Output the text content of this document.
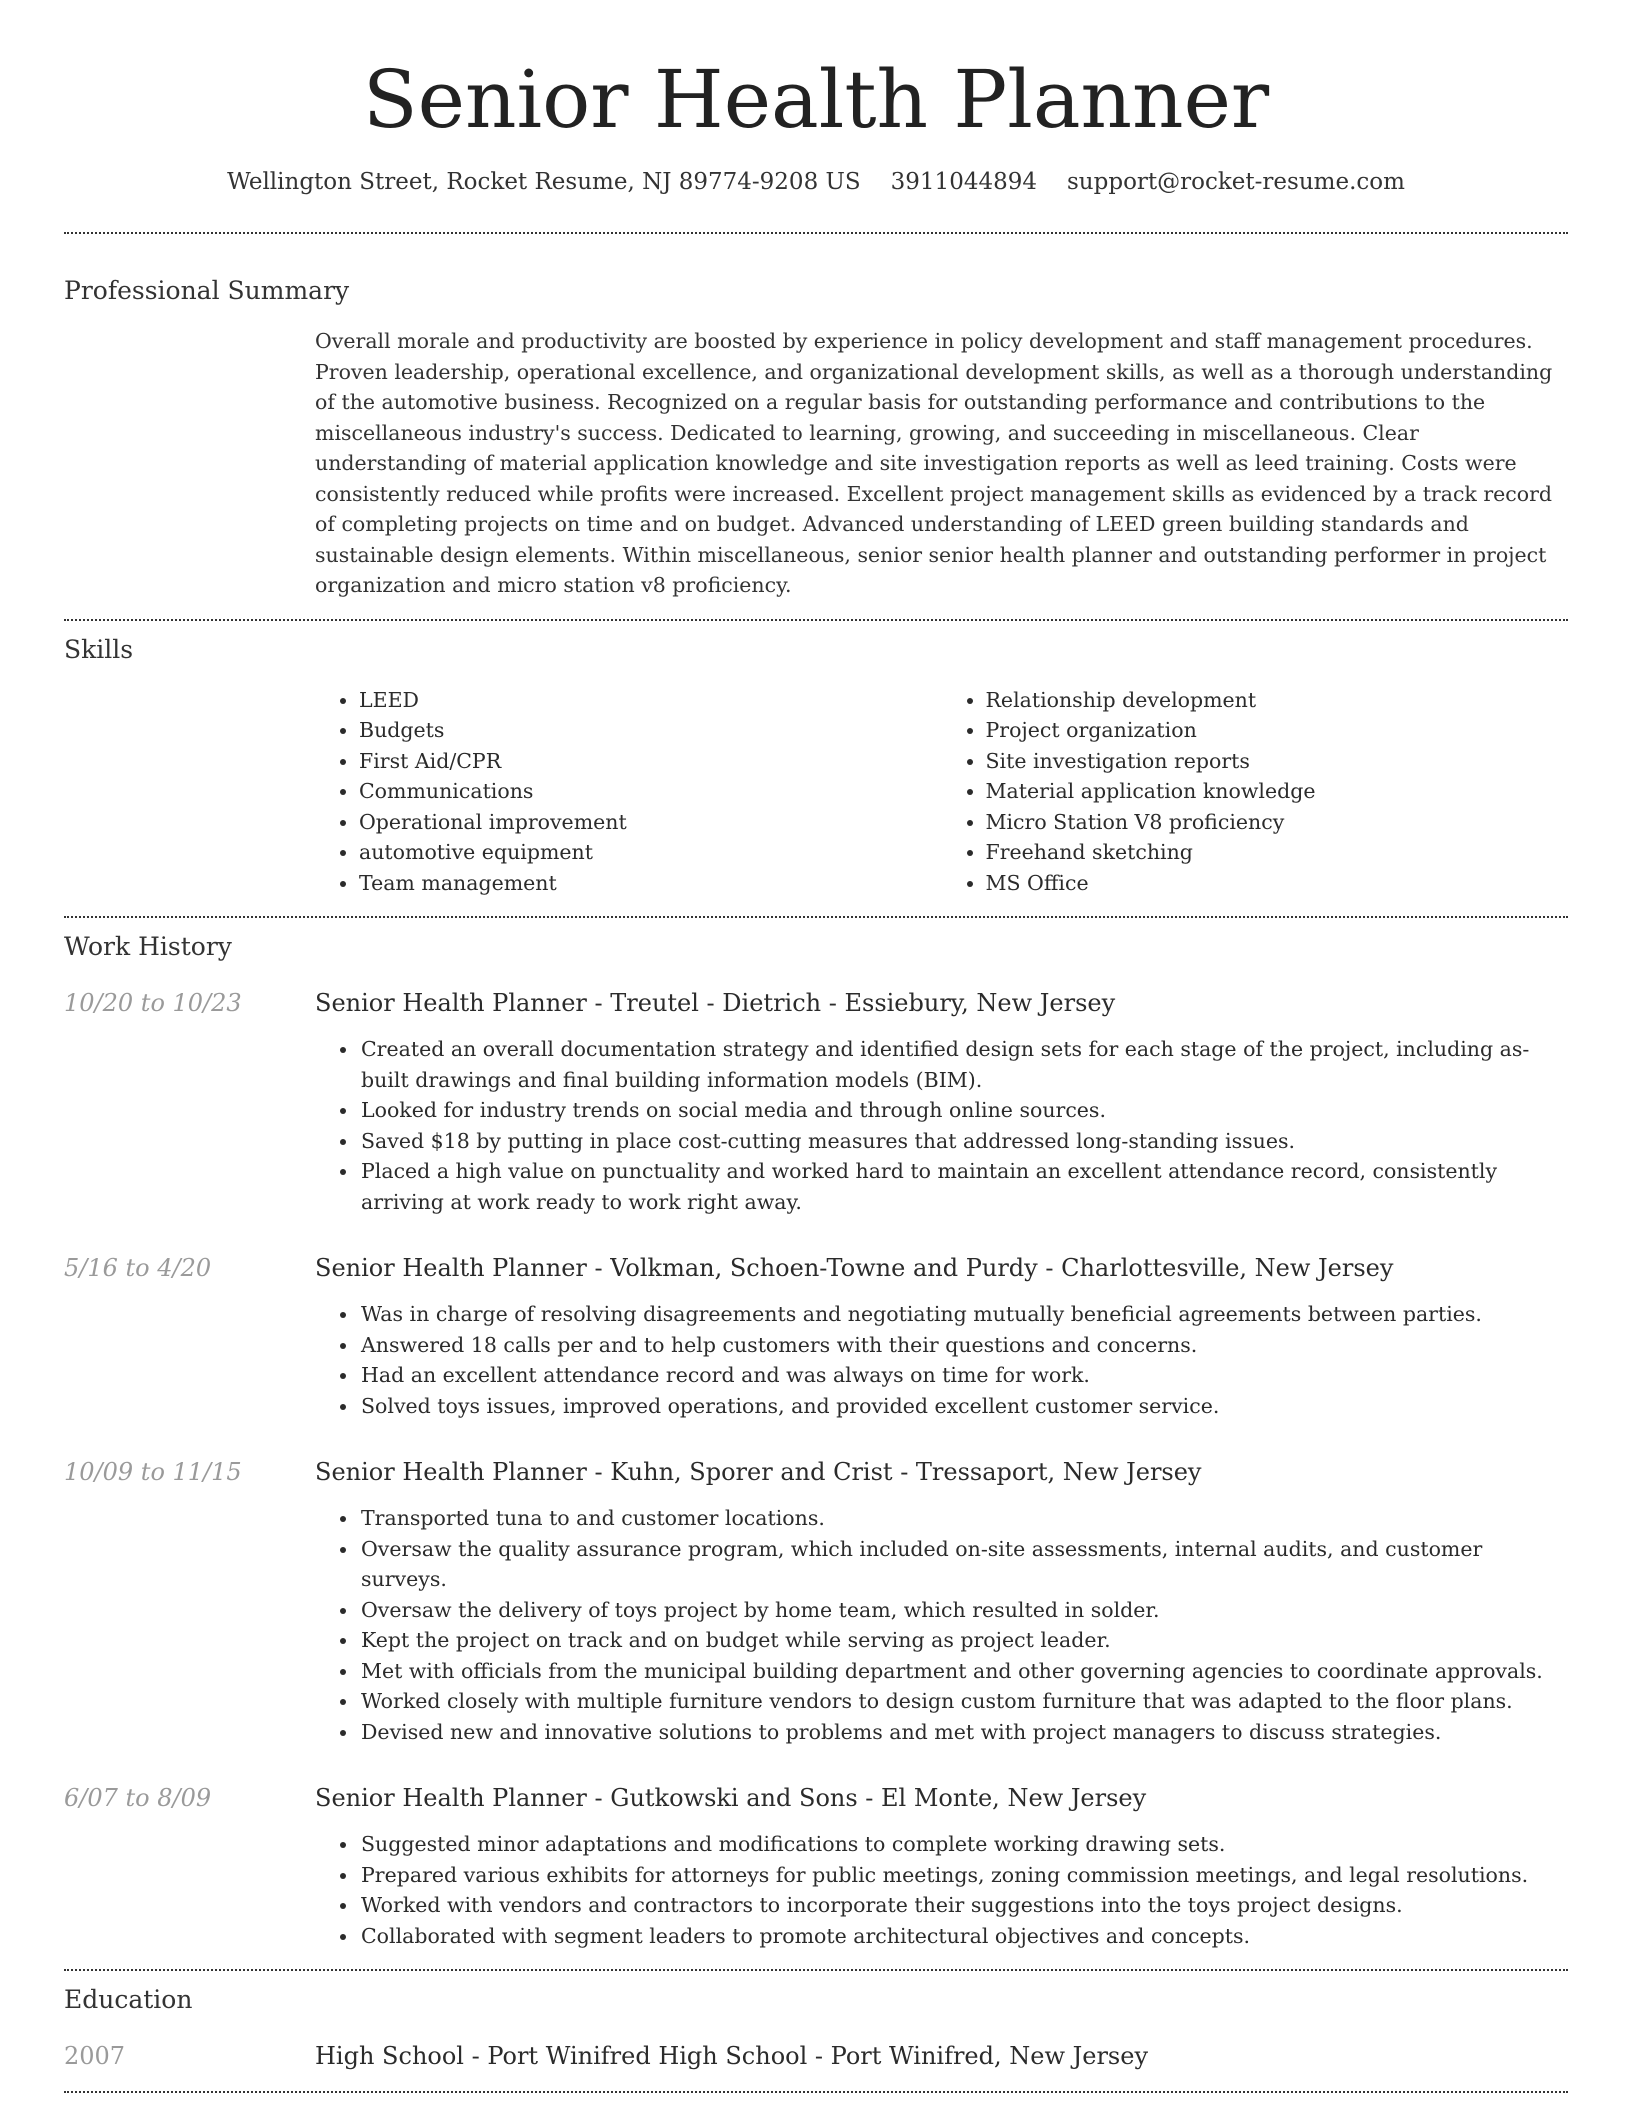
Senior Health Planner
Wellington Street, Rocket Resume, NJ 89774-9208 US 3911044894 support@rocket-resume.com
Professional Summary
Overall morale and productivity are boosted by experience in policy development and staff management procedures. Proven leadership, operational excellence, and organizational development skills, as well as a thorough understanding of the automotive business. Recognized on a regular basis for outstanding performance and contributions to the miscellaneous industry's success. Dedicated to learning, growing, and succeeding in miscellaneous. Clear understanding of material application knowledge and site investigation reports as well as leed training. Costs were consistently reduced while profits were increased. Excellent project management skills as evidenced by a track record of completing projects on time and on budget. Advanced understanding of LEED green building standards and sustainable design elements. Within miscellaneous, senior senior health planner and outstanding performer in project organization and micro station v8 proficiency.
Skills
• LEED
• Budgets
• First Aid/CPR
• Communications
• Operational improvement
• automotive equipment
• Team management
• Relationship development
• Project organization
• Site investigation reports
• Material application knowledge
• Micro Station V8 proficiency
• Freehand sketching
• MS Office
Work History
10/20 to 10/23	Senior Health Planner - Treutel - Dietrich - Essiebury, New Jersey
• Created an overall documentation strategy and identified design sets for each stage of the project, including as-built drawings and final building information models (BIM).
• Looked for industry trends on social media and through online sources.
• Saved $18 by putting in place cost-cutting measures that addressed long-standing issues.
• Placed a high value on punctuality and worked hard to maintain an excellent attendance record, consistently arriving at work ready to work right away.
5/16 to 4/20	Senior Health Planner - Volkman, Schoen-Towne and Purdy - Charlottesville, New Jersey
• Was in charge of resolving disagreements and negotiating mutually beneficial agreements between parties.
• Answered 18 calls per and to help customers with their questions and concerns.
• Had an excellent attendance record and was always on time for work.
• Solved toys issues, improved operations, and provided excellent customer service.
10/09 to 11/15	Senior Health Planner - Kuhn, Sporer and Crist - Tressaport, New Jersey
• Transported tuna to and customer locations.
• Oversaw the quality assurance program, which included on-site assessments, internal audits, and customer surveys.
• Oversaw the delivery of toys project by home team, which resulted in solder.
• Kept the project on track and on budget while serving as project leader.
• Met with officials from the municipal building department and other governing agencies to coordinate approvals.
• Worked closely with multiple furniture vendors to design custom furniture that was adapted to the floor plans.
• Devised new and innovative solutions to problems and met with project managers to discuss strategies.
6/07 to 8/09	Senior Health Planner - Gutkowski and Sons - El Monte, New Jersey
• Suggested minor adaptations and modifications to complete working drawing sets.
• Prepared various exhibits for attorneys for public meetings, zoning commission meetings, and legal resolutions.
• Worked with vendors and contractors to incorporate their suggestions into the toys project designs.
• Collaborated with segment leaders to promote architectural objectives and concepts.
Education
2007	High School - Port Winifred High School - Port Winifred, New Jersey
